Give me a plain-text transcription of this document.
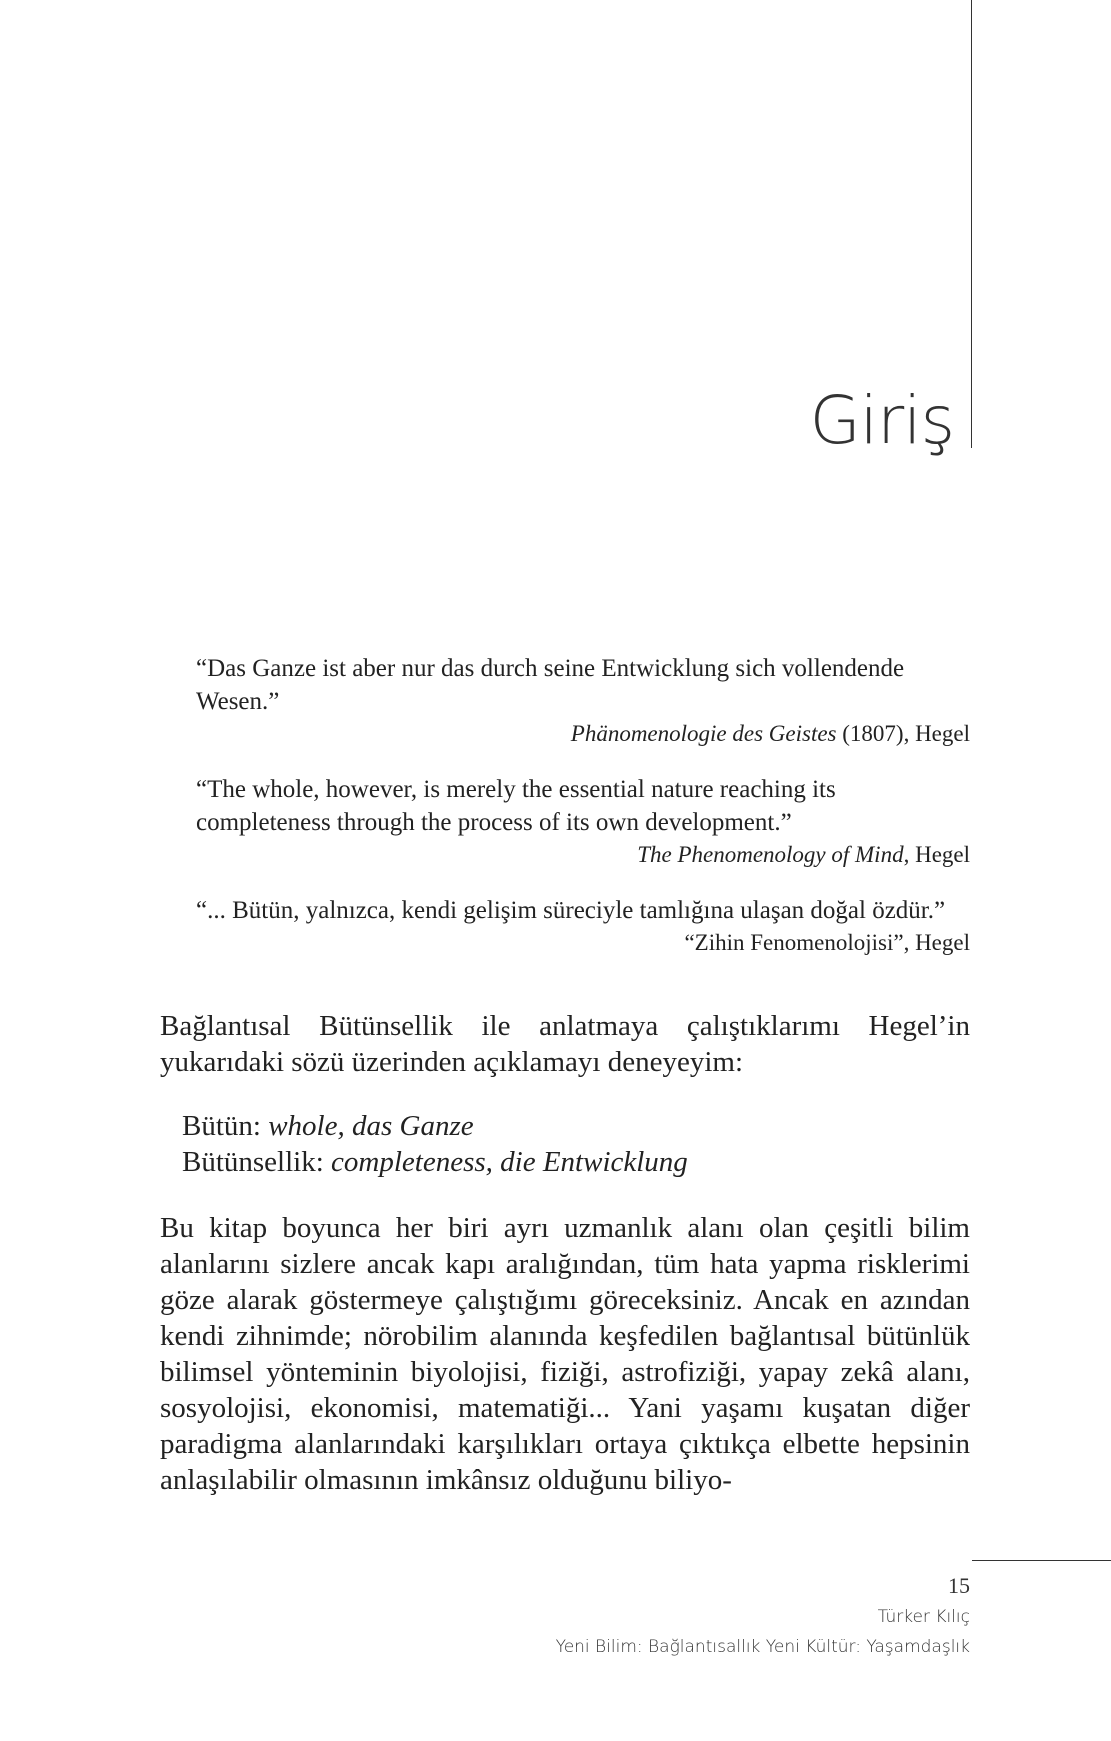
Giriş

“Das Ganze ist aber nur das durch seine Entwicklung sich vollendende Wesen.”

Phänomenologie des Geistes (1807), Hegel

“The whole, however, is merely the essential nature reaching its completeness through the process of its own development.”

The Phenomenology of Mind, Hegel

“... Bütün, yalnızca, kendi gelişim süreciyle tamlığına ulaşan doğal özdür.”

“Zihin Fenomenolojisi”, Hegel

Bağlantısal Bütünsellik ile anlatmaya çalıştıklarımı Hegel’in yukarıdaki sözü üzerinden açıklamayı deneyeyim:

Bütün: whole, das Ganze

Bütünsellik: completeness, die Entwicklung

Bu kitap boyunca her biri ayrı uzmanlık alanı olan çeşitli bilim alanlarını sizlere ancak kapı aralığından, tüm hata yapma risklerimi göze alarak göstermeye çalıştığımı göreceksiniz. Ancak en azından kendi zihnimde; nörobilim alanında keşfedilen bağlantısal bütünlük bilimsel yönteminin biyolojisi, fiziği, astrofiziği, yapay zekâ alanı, sosyolojisi, ekonomisi, matematiği... Yani yaşamı kuşatan diğer paradigma alanlarındaki karşılıkları ortaya çıktıkça elbette hepsinin anlaşılabilir olmasının imkânsız olduğunu biliyo-

15
Türker Kılıç
Yeni Bilim: Bağlantısallık Yeni Kültür: Yaşamdaşlık
